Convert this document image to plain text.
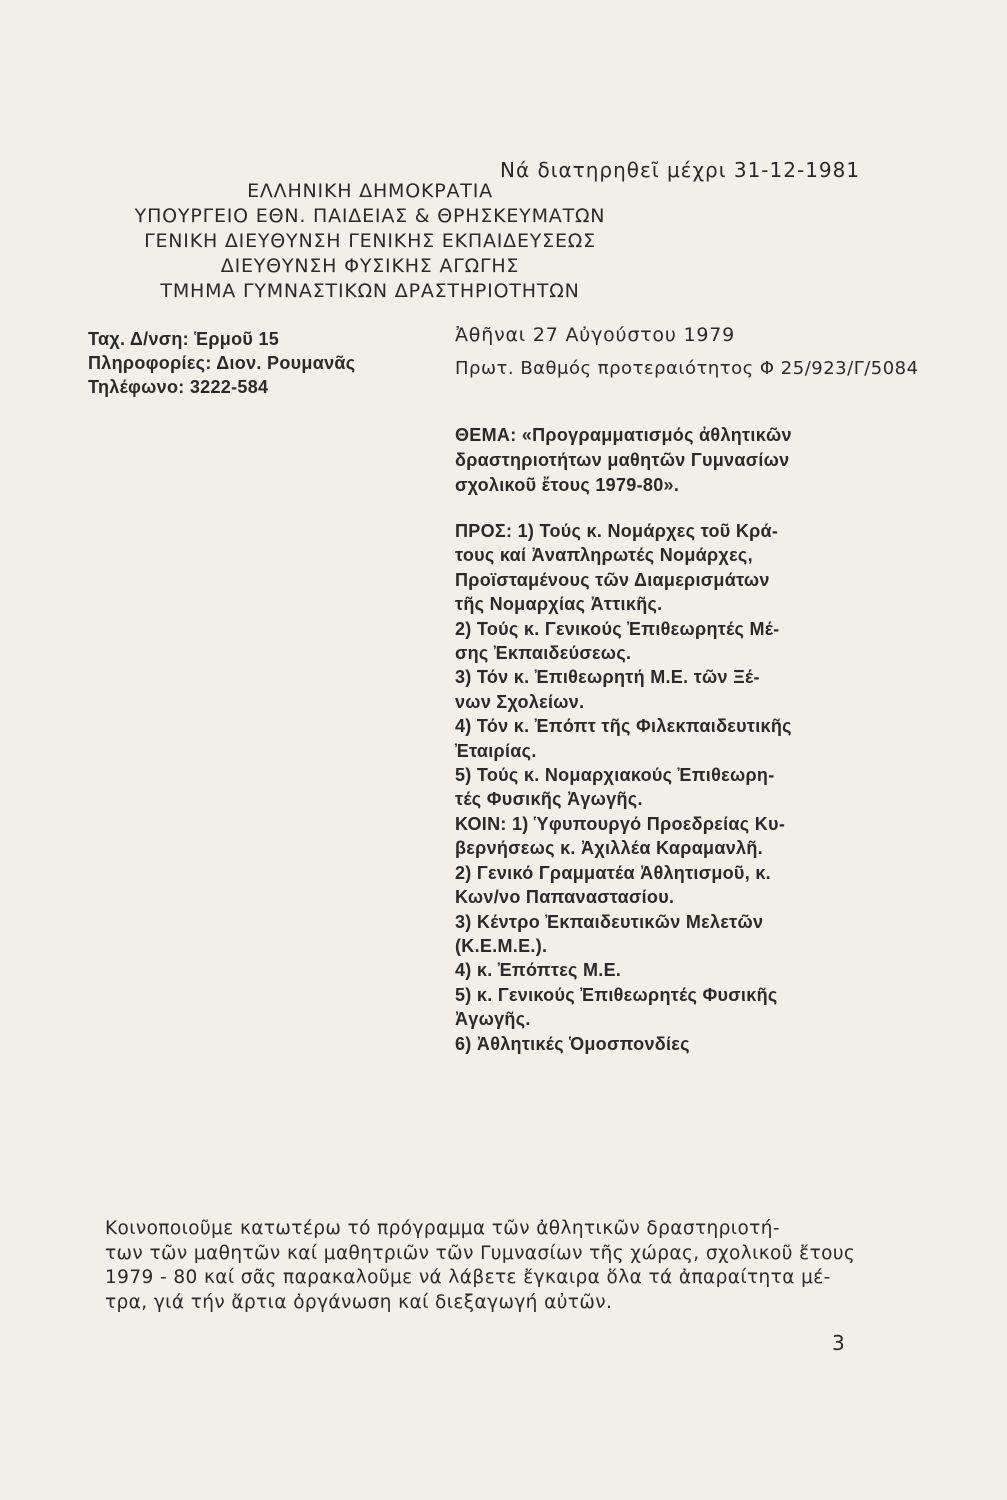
Νά διατηρηθεῖ μέχρι 31-12-1981
ΕΛΛΗΝΙΚΗ ΔΗΜΟΚΡΑΤΙΑ
ΥΠΟΥΡΓΕΙΟ ΕΘΝ. ΠΑΙΔΕΙΑΣ & ΘΡΗΣΚΕΥΜΑΤΩΝ
ΓΕΝΙΚΗ ΔΙΕΥΘΥΝΣΗ ΓΕΝΙΚΗΣ ΕΚΠΑΙΔΕΥΣΕΩΣ
ΔΙΕΥΘΥΝΣΗ ΦΥΣΙΚΗΣ ΑΓΩΓΗΣ
ΤΜΗΜΑ ΓΥΜΝΑΣΤΙΚΩΝ ΔΡΑΣΤΗΡΙΟΤΗΤΩΝ
Ταχ. Δ/νση: Ἑρμοῦ 15
Πληροφορίες: Διον. Ρουμανᾶς
Τηλέφωνο: 3222-584
Ἀθῆναι 27 Αὐγούστου 1979
Πρωτ. Βαθμός προτεραιότητος Φ 25/923/Γ/5084
ΘΕΜΑ: «Προγραμματισμός ἀθλητικῶν
δραστηριοτήτων μαθητῶν Γυμνασίων
σχολικοῦ ἔτους 1979-80».
ΠΡΟΣ: 1) Τούς κ. Νομάρχες τοῦ Κρά-
τους καί Ἀναπληρωτές Νομάρχες,
Προϊσταμένους τῶν Διαμερισμάτων
τῆς Νομαρχίας Ἀττικῆς.
2) Τούς κ. Γενικούς Ἐπιθεωρητές Μέ-
σης Ἐκπαιδεύσεως.
3) Τόν κ. Ἐπιθεωρητή Μ.Ε. τῶν Ξέ-
νων Σχολείων.
4) Τόν κ. Ἐπόπτ τῆς Φιλεκπαιδευτικῆς
Ἐταιρίας.
5) Τούς κ. Νομαρχιακούς Ἐπιθεωρη-
τές Φυσικῆς Ἀγωγῆς.
ΚΟΙΝ: 1) Ὑφυπουργό Προεδρείας Κυ-
βερνήσεως κ. Ἀχιλλέα Καραμανλῆ.
2) Γενικό Γραμματέα Ἀθλητισμοῦ, κ.
Κων/νο Παπαναστασίου.
3) Κέντρο Ἐκπαιδευτικῶν Μελετῶν
(Κ.Ε.Μ.Ε.).
4) κ. Ἐπόπτες Μ.Ε.
5) κ. Γενικούς Ἐπιθεωρητές Φυσικῆς
Ἀγωγῆς.
6) Ἀθλητικές Ὁμοσπονδίες
Κοινοποιοῦμε κατωτέρω τό πρόγραμμα τῶν ἀθλητικῶν δραστηριοτή-
των τῶν μαθητῶν καί μαθητριῶν τῶν Γυμνασίων τῆς χώρας, σχολικοῦ ἔτους
1979 - 80 καί σᾶς παρακαλοῦμε νά λάβετε ἔγκαιρα ὅλα τά ἀπαραίτητα μέ-
τρα, γιά τήν ἄρτια ὀργάνωση καί διεξαγωγή αὐτῶν.
3
